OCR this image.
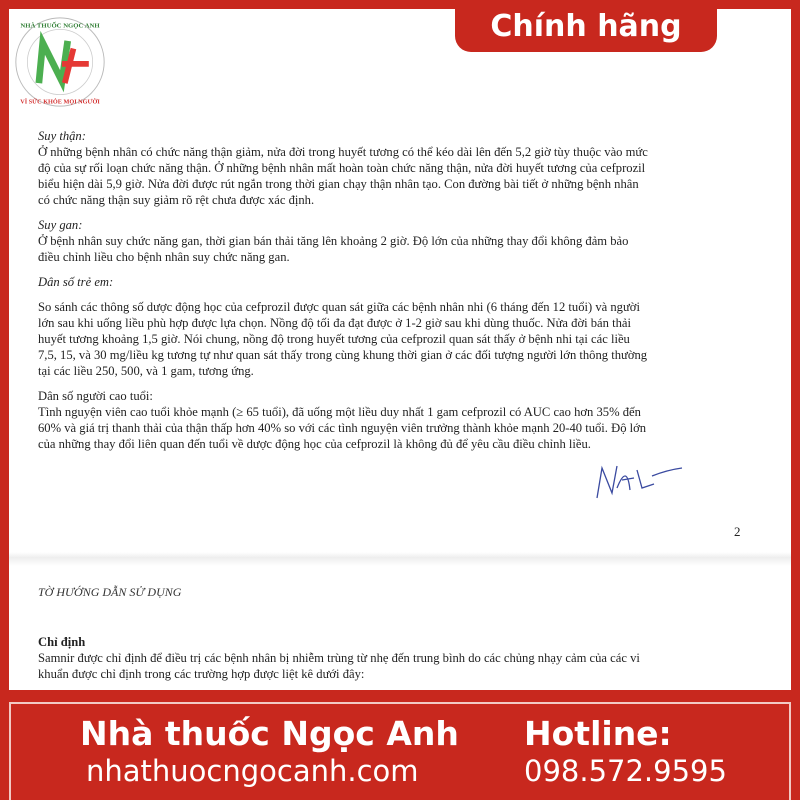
Chính hãng
NHÀ THUỐC NGỌC ANH
VÌ SỨC KHỎE MỌI NGƯỜI

Suy thận:

Ở những bệnh nhân có chức năng thận giảm, nửa đời trong huyết tương có thể kéo dài lên đến 5,2 giờ tùy thuộc vào mức

độ của sự rối loạn chức năng thận. Ở những bệnh nhân mất hoàn toàn chức năng thận, nửa đời huyết tương của cefprozil

biểu hiện dài 5,9 giờ. Nửa đời được rút ngắn trong thời gian chạy thận nhân tạo. Con đường bài tiết ở những bệnh nhân

có chức năng thận suy giảm rõ rệt chưa được xác định.

Suy gan:

Ở bệnh nhân suy chức năng gan, thời gian bán thải tăng lên khoảng 2 giờ. Độ lớn của những thay đổi không đảm bảo

điều chỉnh liều cho bệnh nhân suy chức năng gan.

Dân số trẻ em:

So sánh các thông số dược động học của cefprozil được quan sát giữa các bệnh nhân nhi (6 tháng đến 12 tuổi) và người

lớn sau khi uống liều phù hợp được lựa chọn. Nồng độ tối đa đạt được ở 1-2 giờ sau khi dùng thuốc. Nửa đời bán thải

huyết tương khoảng 1,5 giờ. Nói chung, nồng độ trong huyết tương của cefprozil quan sát thấy ở bệnh nhi tại các liều

7,5, 15, và 30 mg/liều kg tương tự như quan sát thấy trong cùng khung thời gian ở các đối tượng người lớn thông thường

tại các liều 250, 500, và 1 gam, tương ứng.

Dân số người cao tuổi:

Tình nguyện viên cao tuổi khỏe mạnh (≥ 65 tuổi), đã uống một liều duy nhất 1 gam cefprozil có AUC cao hơn 35% đến

60% và giá trị thanh thải của thận thấp hơn 40% so với các tình nguyện viên trưởng thành khỏe mạnh 20-40 tuổi. Độ lớn

của những thay đổi liên quan đến tuổi về dược động học của cefprozil là không đủ để yêu cầu điều chỉnh liều.

2
TỜ HƯỚNG DẪN SỬ DỤNG

Chỉ định

Samnir được chỉ định để điều trị các bệnh nhân bị nhiễm trùng từ nhẹ đến trung bình do các chủng nhạy cảm của các vi

khuẩn được chỉ định trong các trường hợp được liệt kê dưới đây:

Nhà thuốc Ngọc Anh
nhathuocngocanh.com
Hotline:
098.572.9595
